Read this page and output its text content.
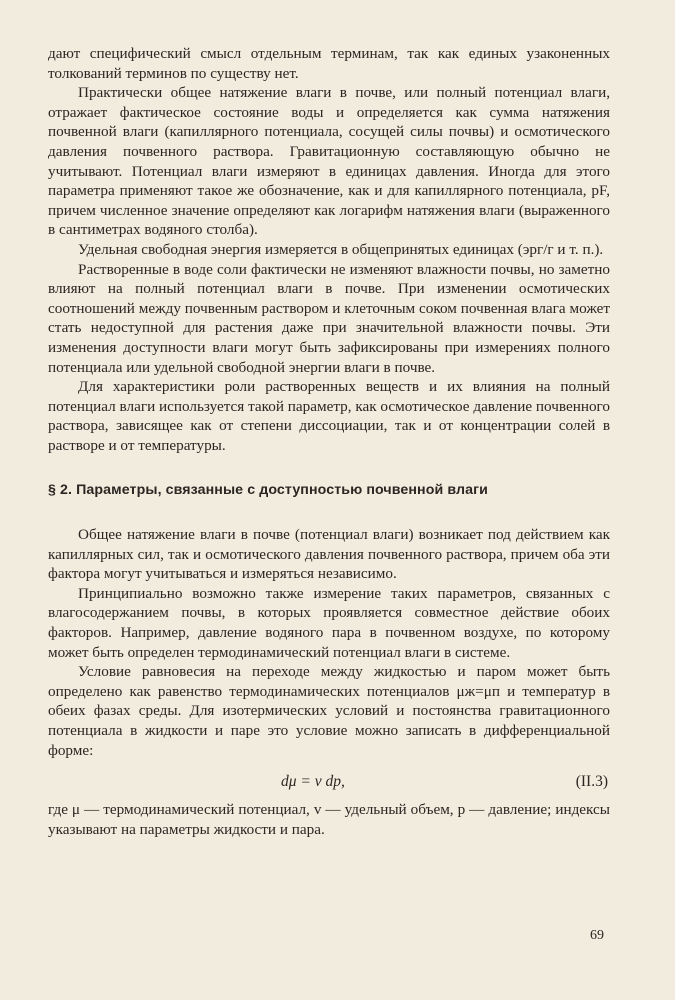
дают специфический смысл отдельным терминам, так как единых узаконенных толкований терминов по существу нет.

Практически общее натяжение влаги в почве, или полный потенциал влаги, отражает фактическое состояние воды и определяется как сумма натяжения почвенной влаги (капиллярного потенциала, сосущей силы почвы) и осмотического давления почвенного раствора. Гравитационную составляющую обычно не учитывают. Потенциал влаги измеряют в единицах давления. Иногда для этого параметра применяют такое же обозначение, как и для капиллярного потенциала, pF, причем численное значение определяют как логарифм натяжения влаги (выраженного в сантиметрах водяного столба).

Удельная свободная энергия измеряется в общепринятых единицах (эрг/г и т. п.).

Растворенные в воде соли фактически не изменяют влажности почвы, но заметно влияют на полный потенциал влаги в почве. При изменении осмотических соотношений между почвенным раствором и клеточным соком почвенная влага может стать недоступной для растения даже при значительной влажности почвы. Эти изменения доступности влаги могут быть зафиксированы при измерениях полного потенциала или удельной свободной энергии влаги в почве.

Для характеристики роли растворенных веществ и их влияния на полный потенциал влаги используется такой параметр, как осмотическое давление почвенного раствора, зависящее как от степени диссоциации, так и от концентрации солей в растворе и от температуры.

§ 2. Параметры, связанные с доступностью почвенной влаги

Общее натяжение влаги в почве (потенциал влаги) возникает под действием как капиллярных сил, так и осмотического давления почвенного раствора, причем оба эти фактора могут учитываться и измеряться независимо.

Принципиально возможно также измерение таких параметров, связанных с влагосодержанием почвы, в которых проявляется совместное действие обоих факторов. Например, давление водяного пара в почвенном воздухе, по которому может быть определен термодинамический потенциал влаги в системе.

Условие равновесия на переходе между жидкостью и паром может быть определено как равенство термодинамических потенциалов μж=μп и температур в обеих фазах среды. Для изотермических условий и постоянства гравитационного потенциала в жидкости и паре это условие можно записать в дифференциальной форме:

dμ = v dp,	(II.3)

где μ — термодинамический потенциал, v — удельный объем, p — давление; индексы указывают на параметры жидкости и пара.

69
